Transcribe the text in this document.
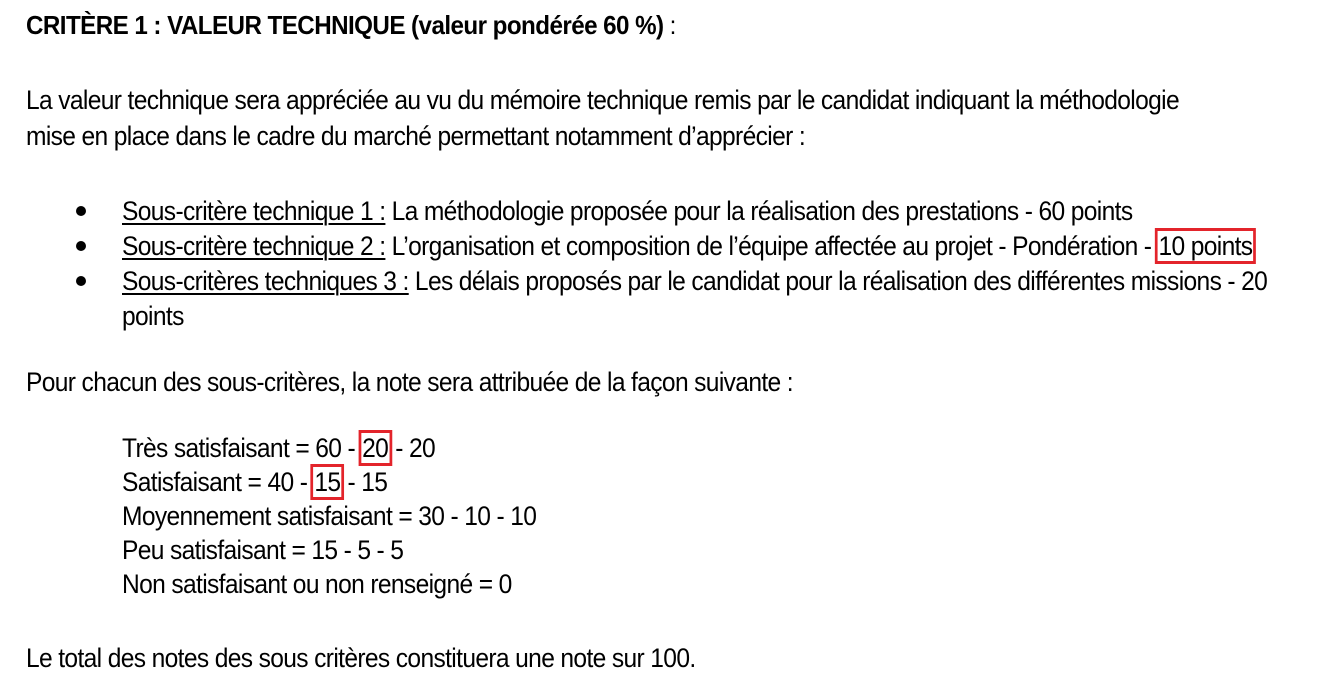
CRITÈRE 1 : VALEUR TECHNIQUE (valeur pondérée 60 %) :
La valeur technique sera appréciée au vu du mémoire technique remis par le candidat indiquant la méthodologie
mise en place dans le cadre du marché permettant notamment d’apprécier :
Sous-critère technique 1 : La méthodologie proposée pour la réalisation des prestations - 60 points
Sous-critère technique 2 : L’organisation et composition de l’équipe affectée au projet - Pondération - 10 points
Sous-critères techniques 3 : Les délais proposés par le candidat pour la réalisation des différentes missions - 20
points
Pour chacun des sous-critères, la note sera attribuée de la façon suivante :
Très satisfaisant = 60 - 20 - 20
Satisfaisant = 40 - 15 - 15
Moyennement satisfaisant = 30 - 10 - 10
Peu satisfaisant = 15 - 5 - 5
Non satisfaisant ou non renseigné = 0
Le total des notes des sous critères constituera une note sur 100.
